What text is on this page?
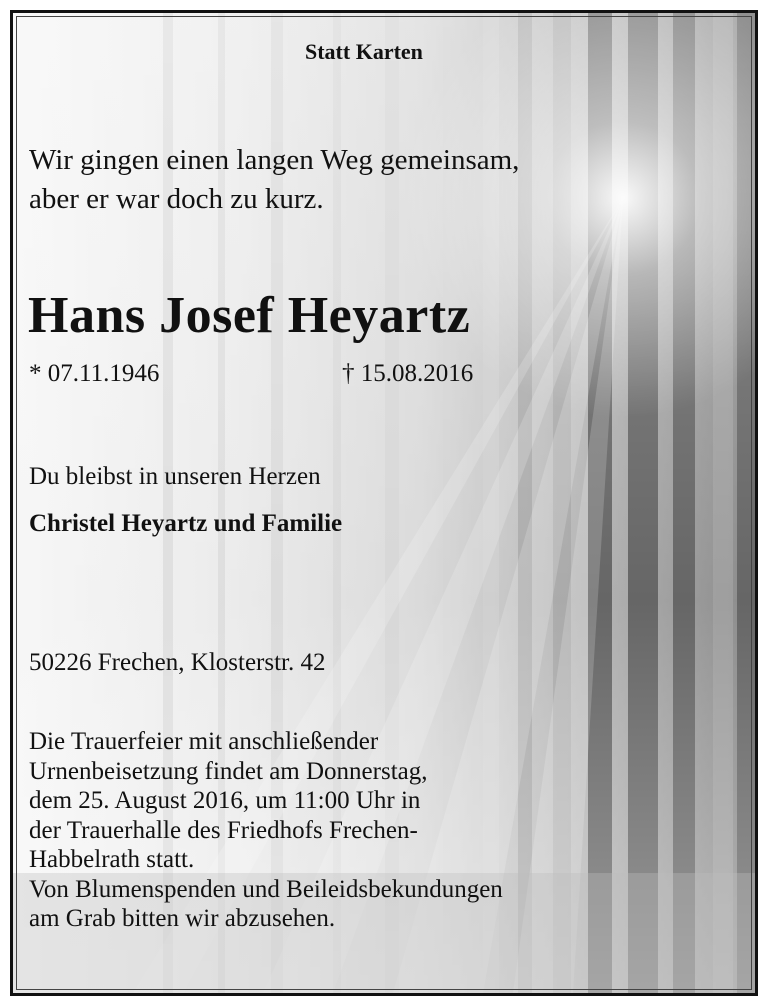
Statt Karten

Wir gingen einen langen Weg gemeinsam,

aber er war doch zu kurz.

Hans Josef Heyartz

* 07.11.1946	† 15.08.2016

Du bleibst in unseren Herzen

Christel Heyartz und Familie

50226 Frechen, Klosterstr. 42

Die Trauerfeier mit anschließender
Urnenbeisetzung findet am Donnerstag,
dem 25. August 2016, um 11:00 Uhr in
der Trauerhalle des Friedhofs Frechen-
Habbelrath statt.
Von Blumenspenden und Beileidsbekundungen
am Grab bitten wir abzusehen.
